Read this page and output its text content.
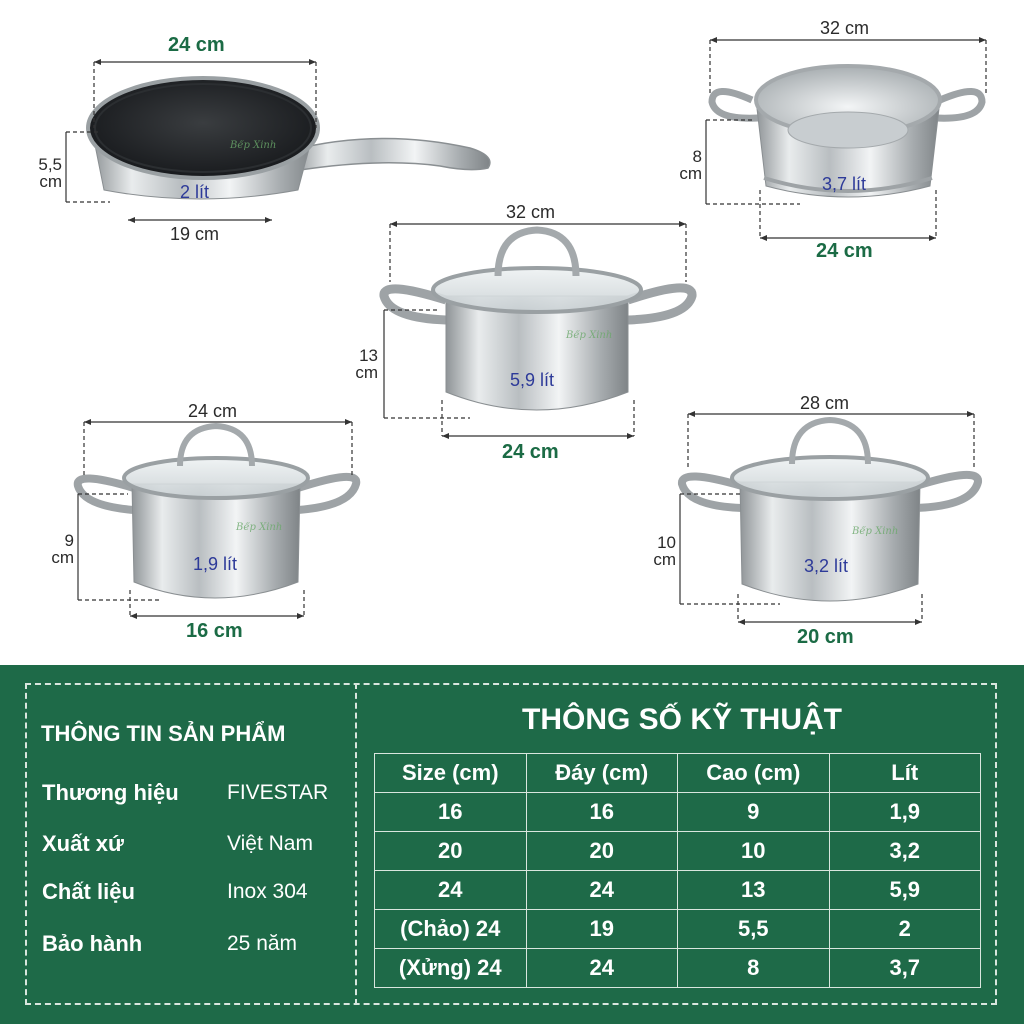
24 cm
19 cm
5,5
cm
2 lít
Bếp Xinh
32 cm
24 cm
8
cm
3,7 lít
32 cm
24 cm
13
cm	5,9 lít
Bếp Xinh
24 cm
16 cm
9
cm	1,9 lít
Bếp Xinh
28 cm
20 cm
10
cm	3,2 lít
Bếp Xinh
THÔNG TIN SẢN PHẨM
Thương hiệu FIVESTAR
Xuất xứ	Việt Nam
Chất liệu	Inox 304
Bảo hành	25 năm
THÔNG SỐ KỸ THUẬT
Size (cm)	Đáy (cm)	Cao (cm)	Lít
16	16	9	1,9
20	20	10	3,2
24	24	13	5,9
(Chảo) 24	19	5,5	2
(Xửng) 24	24	8	3,7
